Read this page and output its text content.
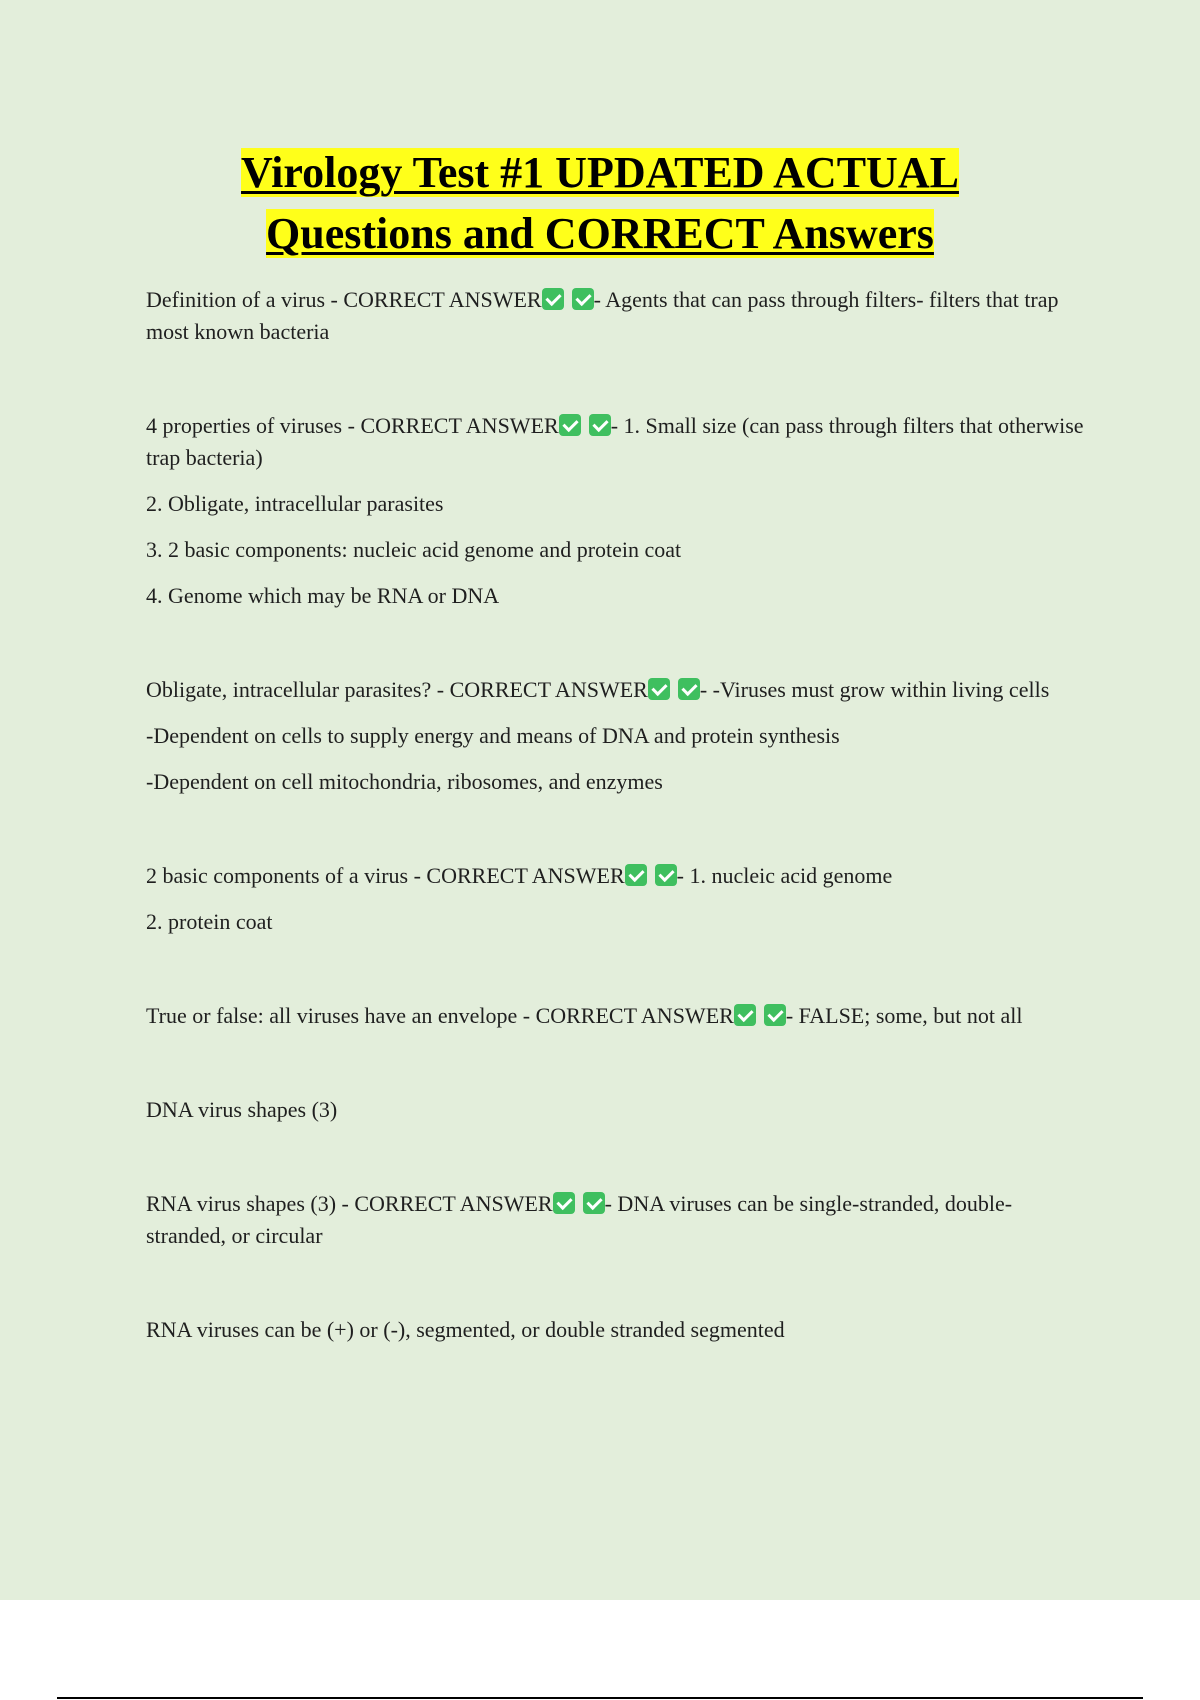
Virology Test #1 UPDATED ACTUAL
Questions and CORRECT Answers

Definition of a virus - CORRECT ANSWER - Agents that can pass through filters- filters that trap most known bacteria

4 properties of viruses - CORRECT ANSWER - 1. Small size (can pass through filters that otherwise trap bacteria)

2. Obligate, intracellular parasites

3. 2 basic components: nucleic acid genome and protein coat

4. Genome which may be RNA or DNA

Obligate, intracellular parasites? - CORRECT ANSWER - -Viruses must grow within living cells

-Dependent on cells to supply energy and means of DNA and protein synthesis

-Dependent on cell mitochondria, ribosomes, and enzymes

2 basic components of a virus - CORRECT ANSWER - 1. nucleic acid genome

2. protein coat

True or false: all viruses have an envelope - CORRECT ANSWER - FALSE; some, but not all

DNA virus shapes (3)

RNA virus shapes (3) - CORRECT ANSWER - DNA viruses can be single-stranded, double-stranded, or circular

RNA viruses can be (+) or (-), segmented, or double stranded segmented
